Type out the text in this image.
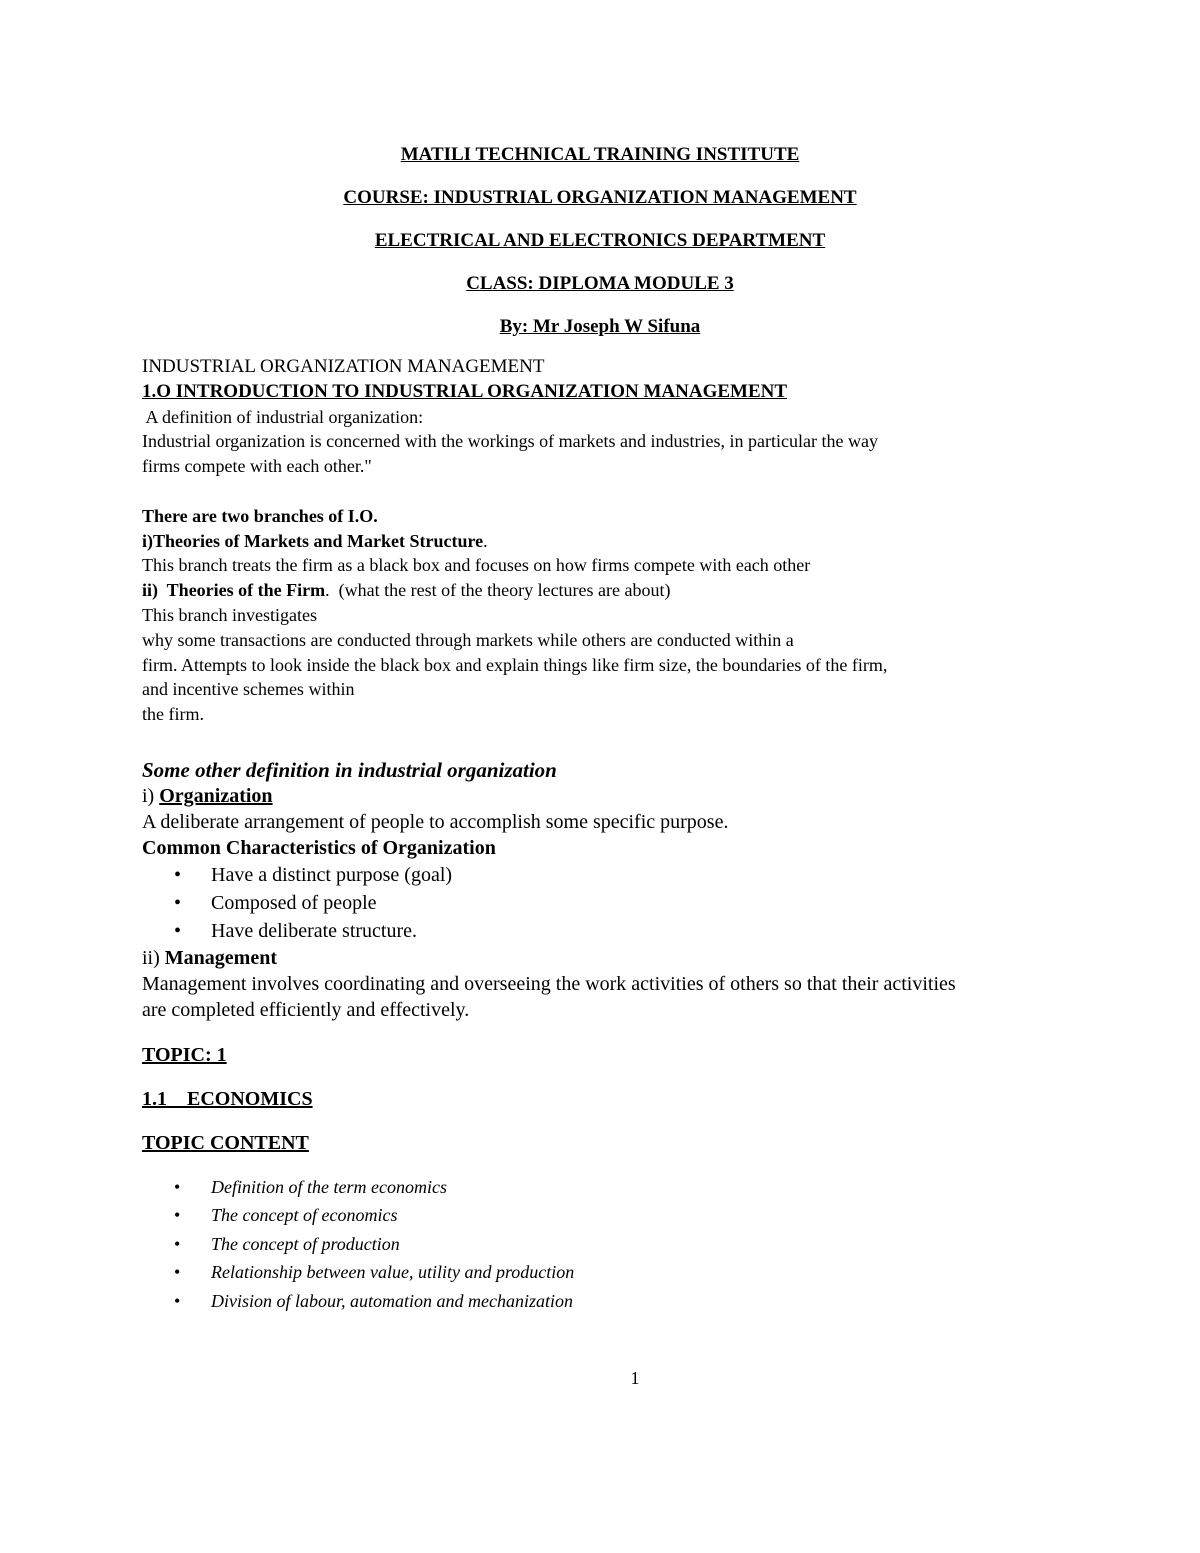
MATILI TECHNICAL TRAINING INSTITUTE
COURSE: INDUSTRIAL ORGANIZATION MANAGEMENT
ELECTRICAL AND ELECTRONICS DEPARTMENT
CLASS: DIPLOMA MODULE 3
By: Mr Joseph W Sifuna
INDUSTRIAL ORGANIZATION MANAGEMENT
1.O INTRODUCTION TO INDUSTRIAL ORGANIZATION MANAGEMENT
A definition of industrial organization:
Industrial organization is concerned with the workings of markets and industries, in particular the way
firms compete with each other."
There are two branches of I.O.
i)Theories of Markets and Market Structure.
This branch treats the firm as a black box and focuses on how firms compete with each other
ii)  Theories of the Firm.  (what the rest of the theory lectures are about)
This branch investigates
why some transactions are conducted through markets while others are conducted within a
firm. Attempts to look inside the black box and explain things like firm size, the boundaries of the firm,
and incentive schemes within
the firm.
Some other definition in industrial organization
i) Organization
A deliberate arrangement of people to accomplish some specific purpose.
Common Characteristics of Organization
• Have a distinct purpose (goal)
• Composed of people
• Have deliberate structure.
ii) Management
Management involves coordinating and overseeing the work activities of others so that their activities
are completed efficiently and effectively.
TOPIC: 1
1.1    ECONOMICS
TOPIC CONTENT
• Definition of the term economics
• The concept of economics
• The concept of production
• Relationship between value, utility and production
• Division of labour, automation and mechanization
1
